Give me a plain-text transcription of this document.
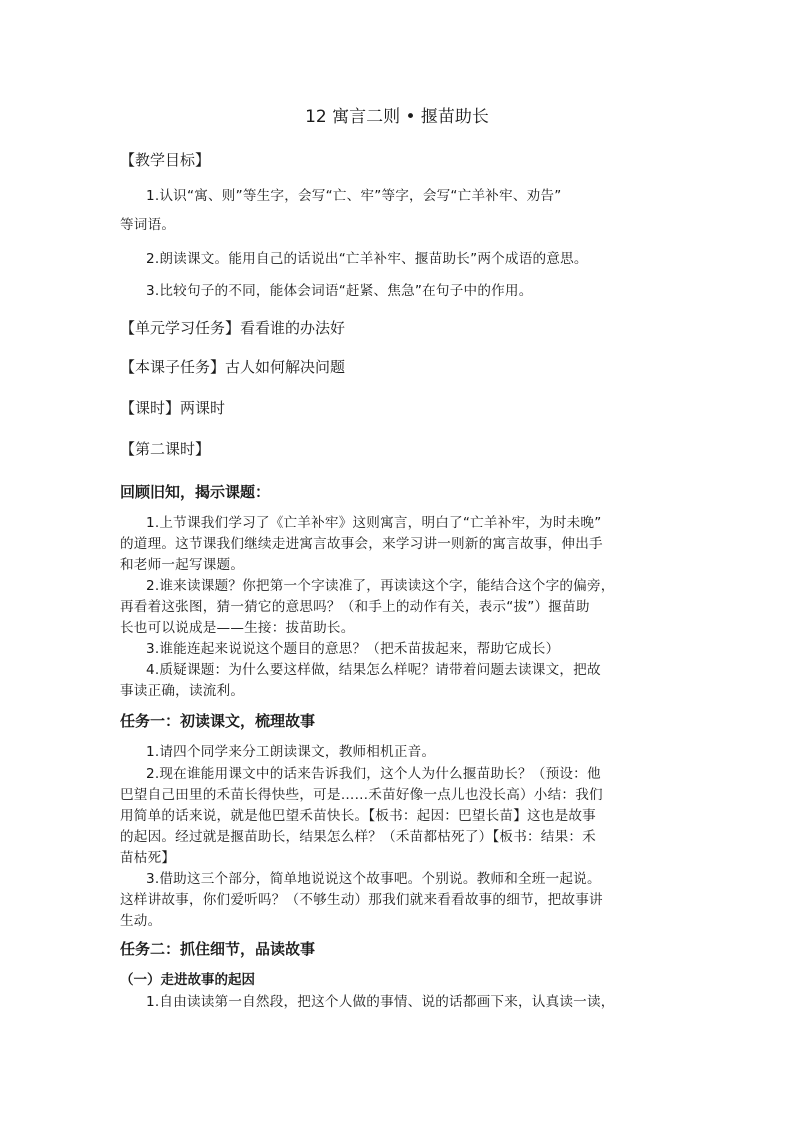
12 寓言二则 • 揠苗助长
【教学目标】
1.认识“寓、则”等生字，会写“亡、牢”等字，会写“亡羊补牢、劝告”
等词语。
2.朗读课文。能用自己的话说出“亡羊补牢、揠苗助长”两个成语的意思。
3.比较句子的不同，能体会词语“赶紧、焦急”在句子中的作用。
【单元学习任务】看看谁的办法好
【本课子任务】古人如何解决问题
【课时】两课时
【第二课时】
回顾旧知，揭示课题：
1.上节课我们学习了《亡羊补牢》这则寓言，明白了“亡羊补牢，为时未晚”
的道理。这节课我们继续走进寓言故事会，来学习讲一则新的寓言故事，伸出手
和老师一起写课题。
2.谁来读课题？你把第一个字读准了，再读读这个字，能结合这个字的偏旁，
再看着这张图，猜一猜它的意思吗？（和手上的动作有关，表示“拔”）揠苗助
长也可以说成是——生接：拔苗助长。
3.谁能连起来说说这个题目的意思？（把禾苗拔起来，帮助它成长）
4.质疑课题：为什么要这样做，结果怎么样呢？请带着问题去读课文，把故
事读正确，读流利。
任务一：初读课文，梳理故事
1.请四个同学来分工朗读课文，教师相机正音。
2.现在谁能用课文中的话来告诉我们，这个人为什么揠苗助长？（预设：他
巴望自己田里的禾苗长得快些，可是……禾苗好像一点儿也没长高）小结：我们
用简单的话来说，就是他巴望禾苗快长。【板书：起因：巴望长苗】这也是故事
的起因。经过就是揠苗助长，结果怎么样？（禾苗都枯死了）【板书：结果：禾
苗枯死】
3.借助这三个部分，简单地说说这个故事吧。个别说。教师和全班一起说。
这样讲故事，你们爱听吗？（不够生动）那我们就来看看故事的细节，把故事讲
生动。
任务二：抓住细节，品读故事
（一）走进故事的起因
1.自由读读第一自然段，把这个人做的事情、说的话都画下来，认真读一读，
